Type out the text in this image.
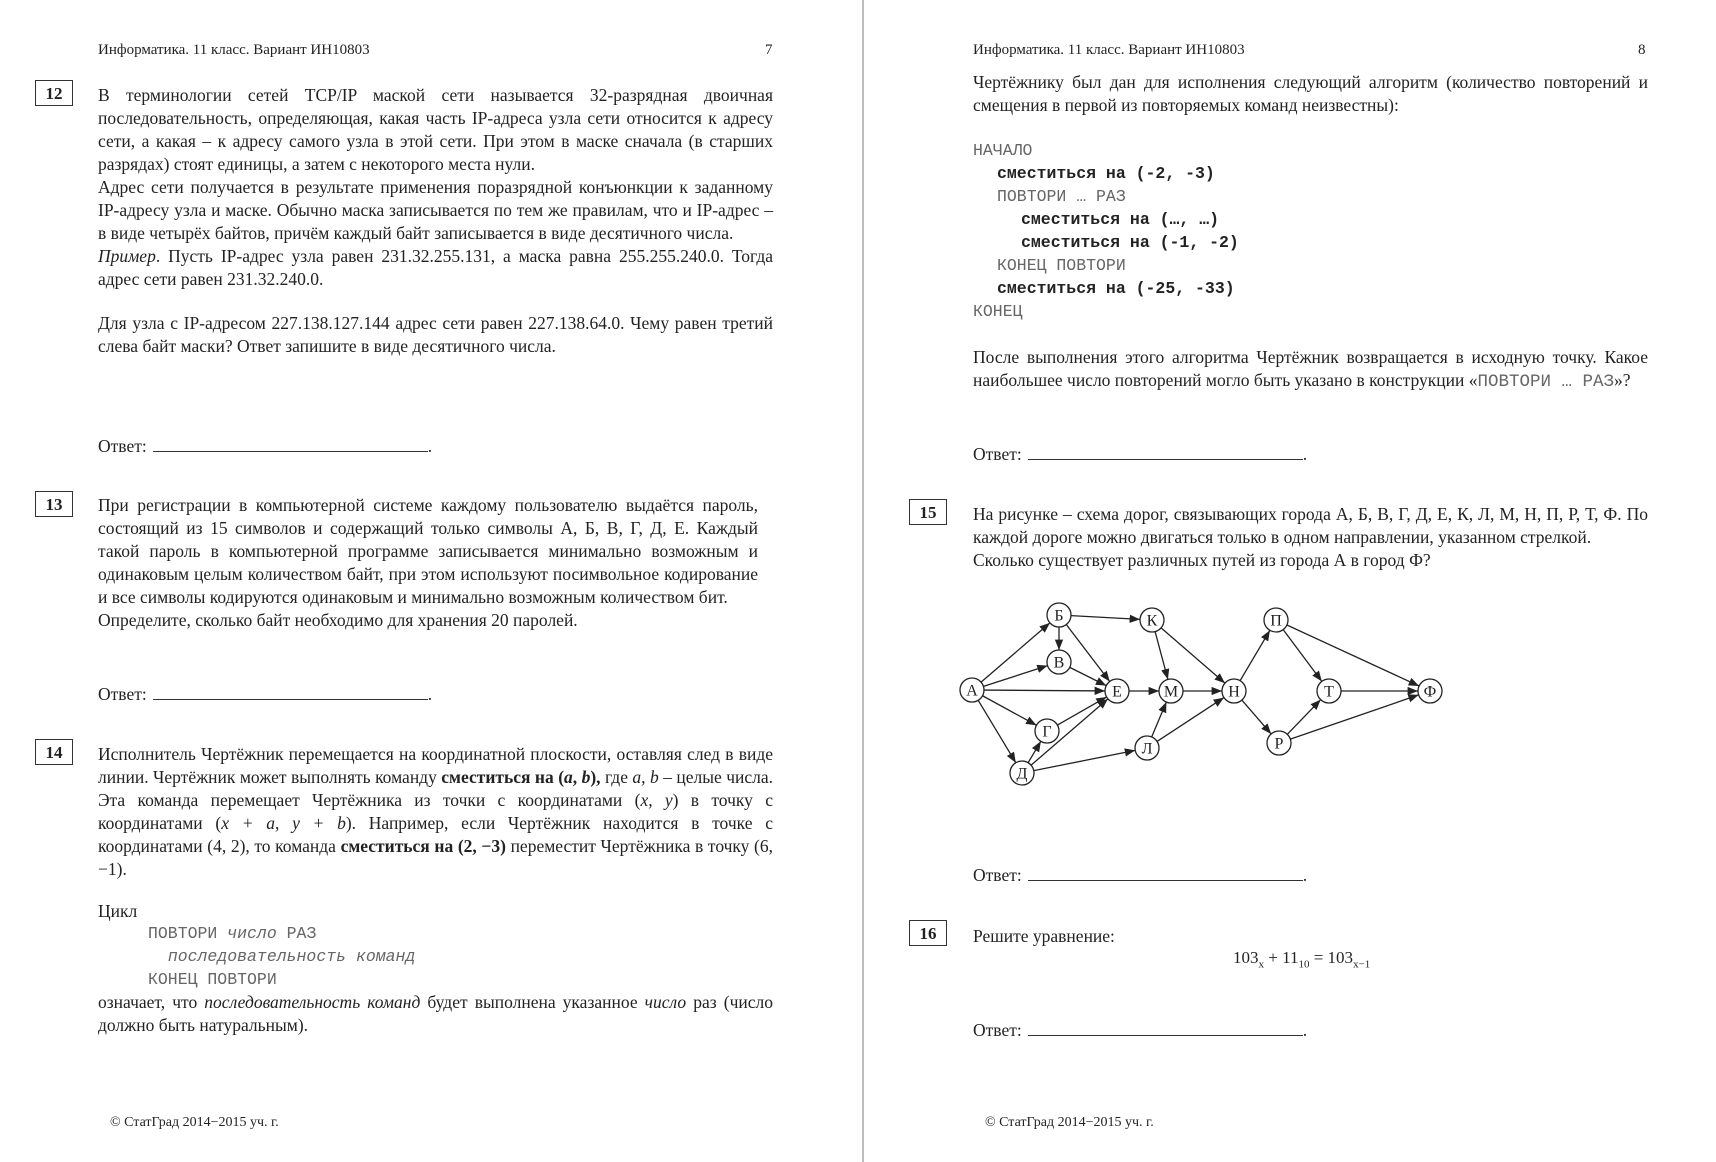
Информатика. 11 класс. Вариант ИН10803	7
12	В терминологии сетей TCP/IP маской сети называется 32-разрядная двоичная последовательность, определяющая, какая часть IP-адреса узла сети относится к адресу сети, а какая – к адресу самого узла в этой сети. При этом в маске сначала (в старших разрядах) стоят единицы, а затем с некоторого места нули.

Адрес сети получается в результате применения поразрядной конъюнкции к заданному IP-адресу узла и маске. Обычно маска записывается по тем же правилам, что и IP-адрес – в виде четырёх байтов, причём каждый байт записывается в виде десятичного числа.

Пример. Пусть IP-адрес узла равен 231.32.255.131, а маска равна 255.255.240.0. Тогда адрес сети равен 231.32.240.0.

Для узла с IP-адресом 227.138.127.144 адрес сети равен 227.138.64.0. Чему равен третий слева байт маски? Ответ запишите в виде десятичного числа.

Ответ:	.
13	При регистрации в компьютерной системе каждому пользователю выдаётся пароль, состоящий из 15 символов и содержащий только символы А, Б, В, Г, Д, Е. Каждый такой пароль в компьютерной программе записывается минимально возможным и одинаковым целым количеством байт, при этом используют посимвольное кодирование и все символы кодируются одинаковым и минимально возможным количеством бит.

Определите, сколько байт необходимо для хранения 20 паролей.

Ответ:	.
14	Исполнитель Чертёжник перемещается на координатной плоскости, оставляя след в виде линии. Чертёжник может выполнять команду сместиться на (a, b), где a, b – целые числа. Эта команда перемещает Чертёжника из точки с координатами (x, y) в точку с координатами (x + a, y + b). Например, если Чертёжник находится в точке с координатами (4, 2), то команда сместиться на (2, −3) переместит Чертёжника в точку (6, −1).

Цикл
ПОВТОРИ число РАЗ
последовательность команд
КОНЕЦ ПОВТОРИ

означает, что последовательность команд будет выполнена указанное число раз (число должно быть натуральным).

© СтатГрад 2014−2015 уч. г.
Информатика. 11 класс. Вариант ИН10803	8

Чертёжнику был дан для исполнения следующий алгоритм (количество повторений и смещения в первой из повторяемых команд неизвестны):

НАЧАЛО
сместиться на (-2, -3)
ПОВТОРИ … РАЗ
сместиться на (…, …)
сместиться на (-1, -2)
КОНЕЦ ПОВТОРИ
сместиться на (-25, -33)
КОНЕЦ

После выполнения этого алгоритма Чертёжник возвращается в исходную точку. Какое наибольшее число повторений могло быть указано в конструкции «ПОВТОРИ … РАЗ»?

Ответ:	.
15	На рисунке – схема дорог, связывающих города А, Б, В, Г, Д, Е, К, Л, М, Н, П, Р, Т, Ф. По каждой дороге можно двигаться только в одном направлении, указанном стрелкой.

Сколько существует различных путей из города А в город Ф?

А
Б
В
Г
Д
Е
К
Л
М	Н
П
Р
Т	Ф
Ответ:	.
16	Решите уравнение:
$103_x + 11_{10} = 103_{x-1}$
Ответ:	.
© СтатГрад 2014−2015 уч. г.
